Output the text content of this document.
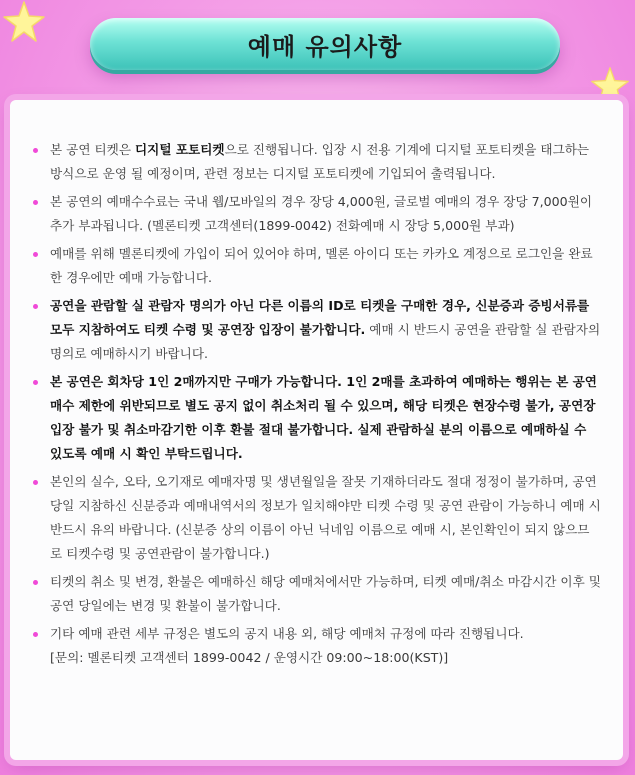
예매 유의사항
본 공연 티켓은 디지털 포토티켓으로 진행됩니다. 입장 시 전용 기계에 디지털 포토티켓을 태그하는 방식으로 운영 될 예정이며, 관련 정보는 디지털 포토티켓에 기입되어 출력됩니다.
본 공연의 예매수수료는 국내 웹/모바일의 경우 장당 4,000원, 글로벌 예매의 경우 장당 7,000원이 추가 부과됩니다. (멜론티켓 고객센터(1899-0042) 전화예매 시 장당 5,000원 부과)
예매를 위해 멜론티켓에 가입이 되어 있어야 하며, 멜론 아이디 또는 카카오 계정으로 로그인을 완료한 경우에만 예매 가능합니다.
공연을 관람할 실 관람자 명의가 아닌 다른 이름의 ID로 티켓을 구매한 경우, 신분증과 증빙서류를 모두 지참하여도 티켓 수령 및 공연장 입장이 불가합니다. 예매 시 반드시 공연을 관람할 실 관람자의 명의로 예매하시기 바랍니다.
본 공연은 회차당 1인 2매까지만 구매가 가능합니다. 1인 2매를 초과하여 예매하는 행위는 본 공연 매수 제한에 위반되므로 별도 공지 없이 취소처리 될 수 있으며, 해당 티켓은 현장수령 불가, 공연장 입장 불가 및 취소마감기한 이후 환불 절대 불가합니다. 실제 관람하실 분의 이름으로 예매하실 수 있도록 예매 시 확인 부탁드립니다.
본인의 실수, 오타, 오기재로 예매자명 및 생년월일을 잘못 기재하더라도 절대 정정이 불가하며, 공연 당일 지참하신 신분증과 예매내역서의 정보가 일치해야만 티켓 수령 및 공연 관람이 가능하니 예매 시 반드시 유의 바랍니다. (신분증 상의 이름이 아닌 닉네임 이름으로 예매 시, 본인확인이 되지 않으므로 티켓수령 및 공연관람이 불가합니다.)
티켓의 취소 및 변경, 환불은 예매하신 해당 예매처에서만 가능하며, 티켓 예매/취소 마감시간 이후 및 공연 당일에는 변경 및 환불이 불가합니다.
기타 예매 관련 세부 규정은 별도의 공지 내용 외, 해당 예매처 규정에 따라 진행됩니다.
[문의: 멜론티켓 고객센터 1899-0042 / 운영시간 09:00~18:00(KST)]
